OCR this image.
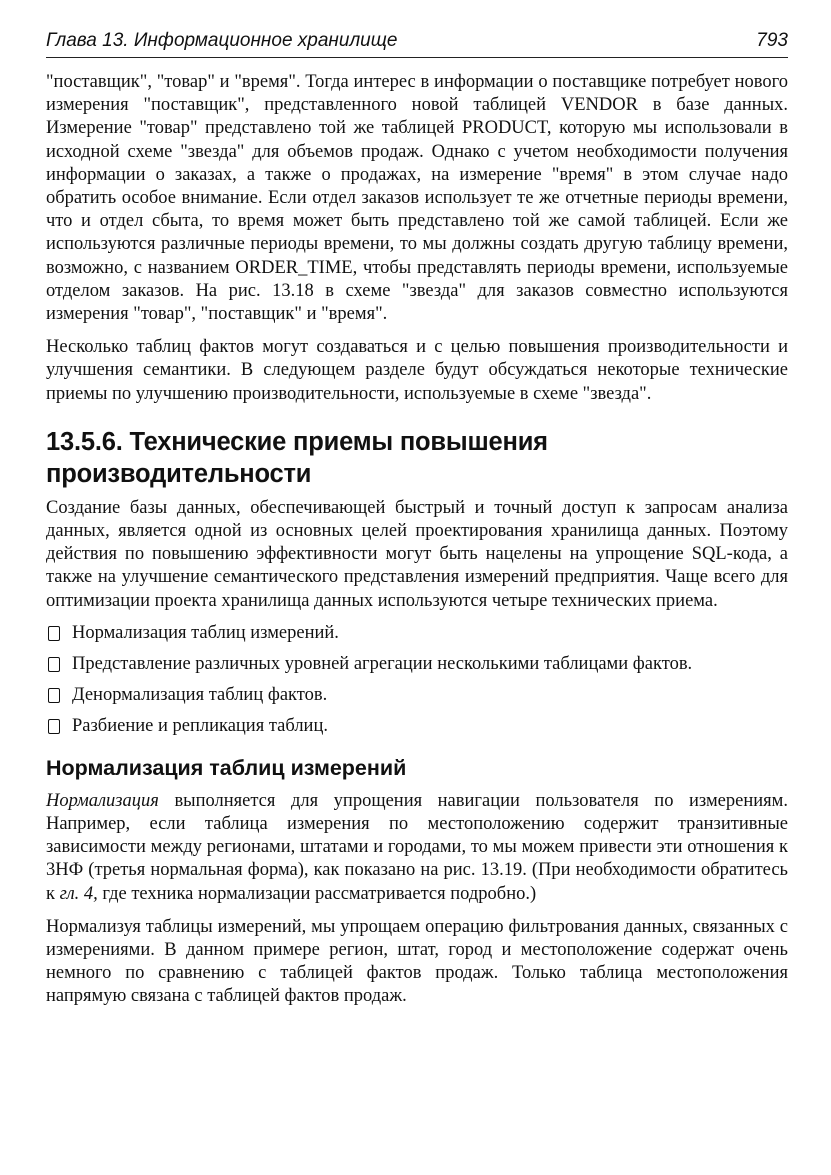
Глава 13. Информационное хранилище	793

"поставщик", "товар" и "время". Тогда интерес в информации о поставщике потребует нового измерения "поставщик", представленного новой таблицей VENDOR в базе данных. Измерение "товар" представлено той же таблицей PRODUCT, которую мы использовали в исходной схеме "звезда" для объемов продаж. Однако с учетом необходимости получения информации о заказах, а также о продажах, на измерение "время" в этом случае надо обратить особое внимание. Если отдел заказов использует те же отчетные периоды времени, что и отдел сбыта, то время может быть представлено той же самой таблицей. Если же используются различные периоды времени, то мы должны создать другую таблицу времени, возможно, с названием ORDER_TIME, чтобы представлять периоды времени, используемые отделом заказов. На рис. 13.18 в схеме "звезда" для заказов совместно используются измерения "товар", "поставщик" и "время".

Несколько таблиц фактов могут создаваться и с целью повышения производительности и улучшения семантики. В следующем разделе будут обсуждаться некоторые технические приемы по улучшению производительности, используемые в схеме "звезда".

13.5.6. Технические приемы повышения производительности

Создание базы данных, обеспечивающей быстрый и точный доступ к запросам анализа данных, является одной из основных целей проектирования хранилища данных. Поэтому действия по повышению эффективности могут быть нацелены на упрощение SQL-кода, а также на улучшение семантического представления измерений предприятия. Чаще всего для оптимизации проекта хранилища данных используются четыре технических приема.

Нормализация таблиц измерений.
Представление различных уровней агрегации несколькими таблицами фактов.
Денормализация таблиц фактов.
Разбиение и репликация таблиц.
Нормализация таблиц измерений

Нормализация выполняется для упрощения навигации пользователя по измерениям. Например, если таблица измерения по местоположению содержит транзитивные зависимости между регионами, штатами и городами, то мы можем привести эти отношения к 3НФ (третья нормальная форма), как показано на рис. 13.19. (При необходимости обратитесь к гл. 4, где техника нормализации рассматривается подробно.)

Нормализуя таблицы измерений, мы упрощаем операцию фильтрования данных, связанных с измерениями. В данном примере регион, штат, город и местоположение содержат очень немного по сравнению с таблицей фактов продаж. Только таблица местоположения напрямую связана с таблицей фактов продаж.
